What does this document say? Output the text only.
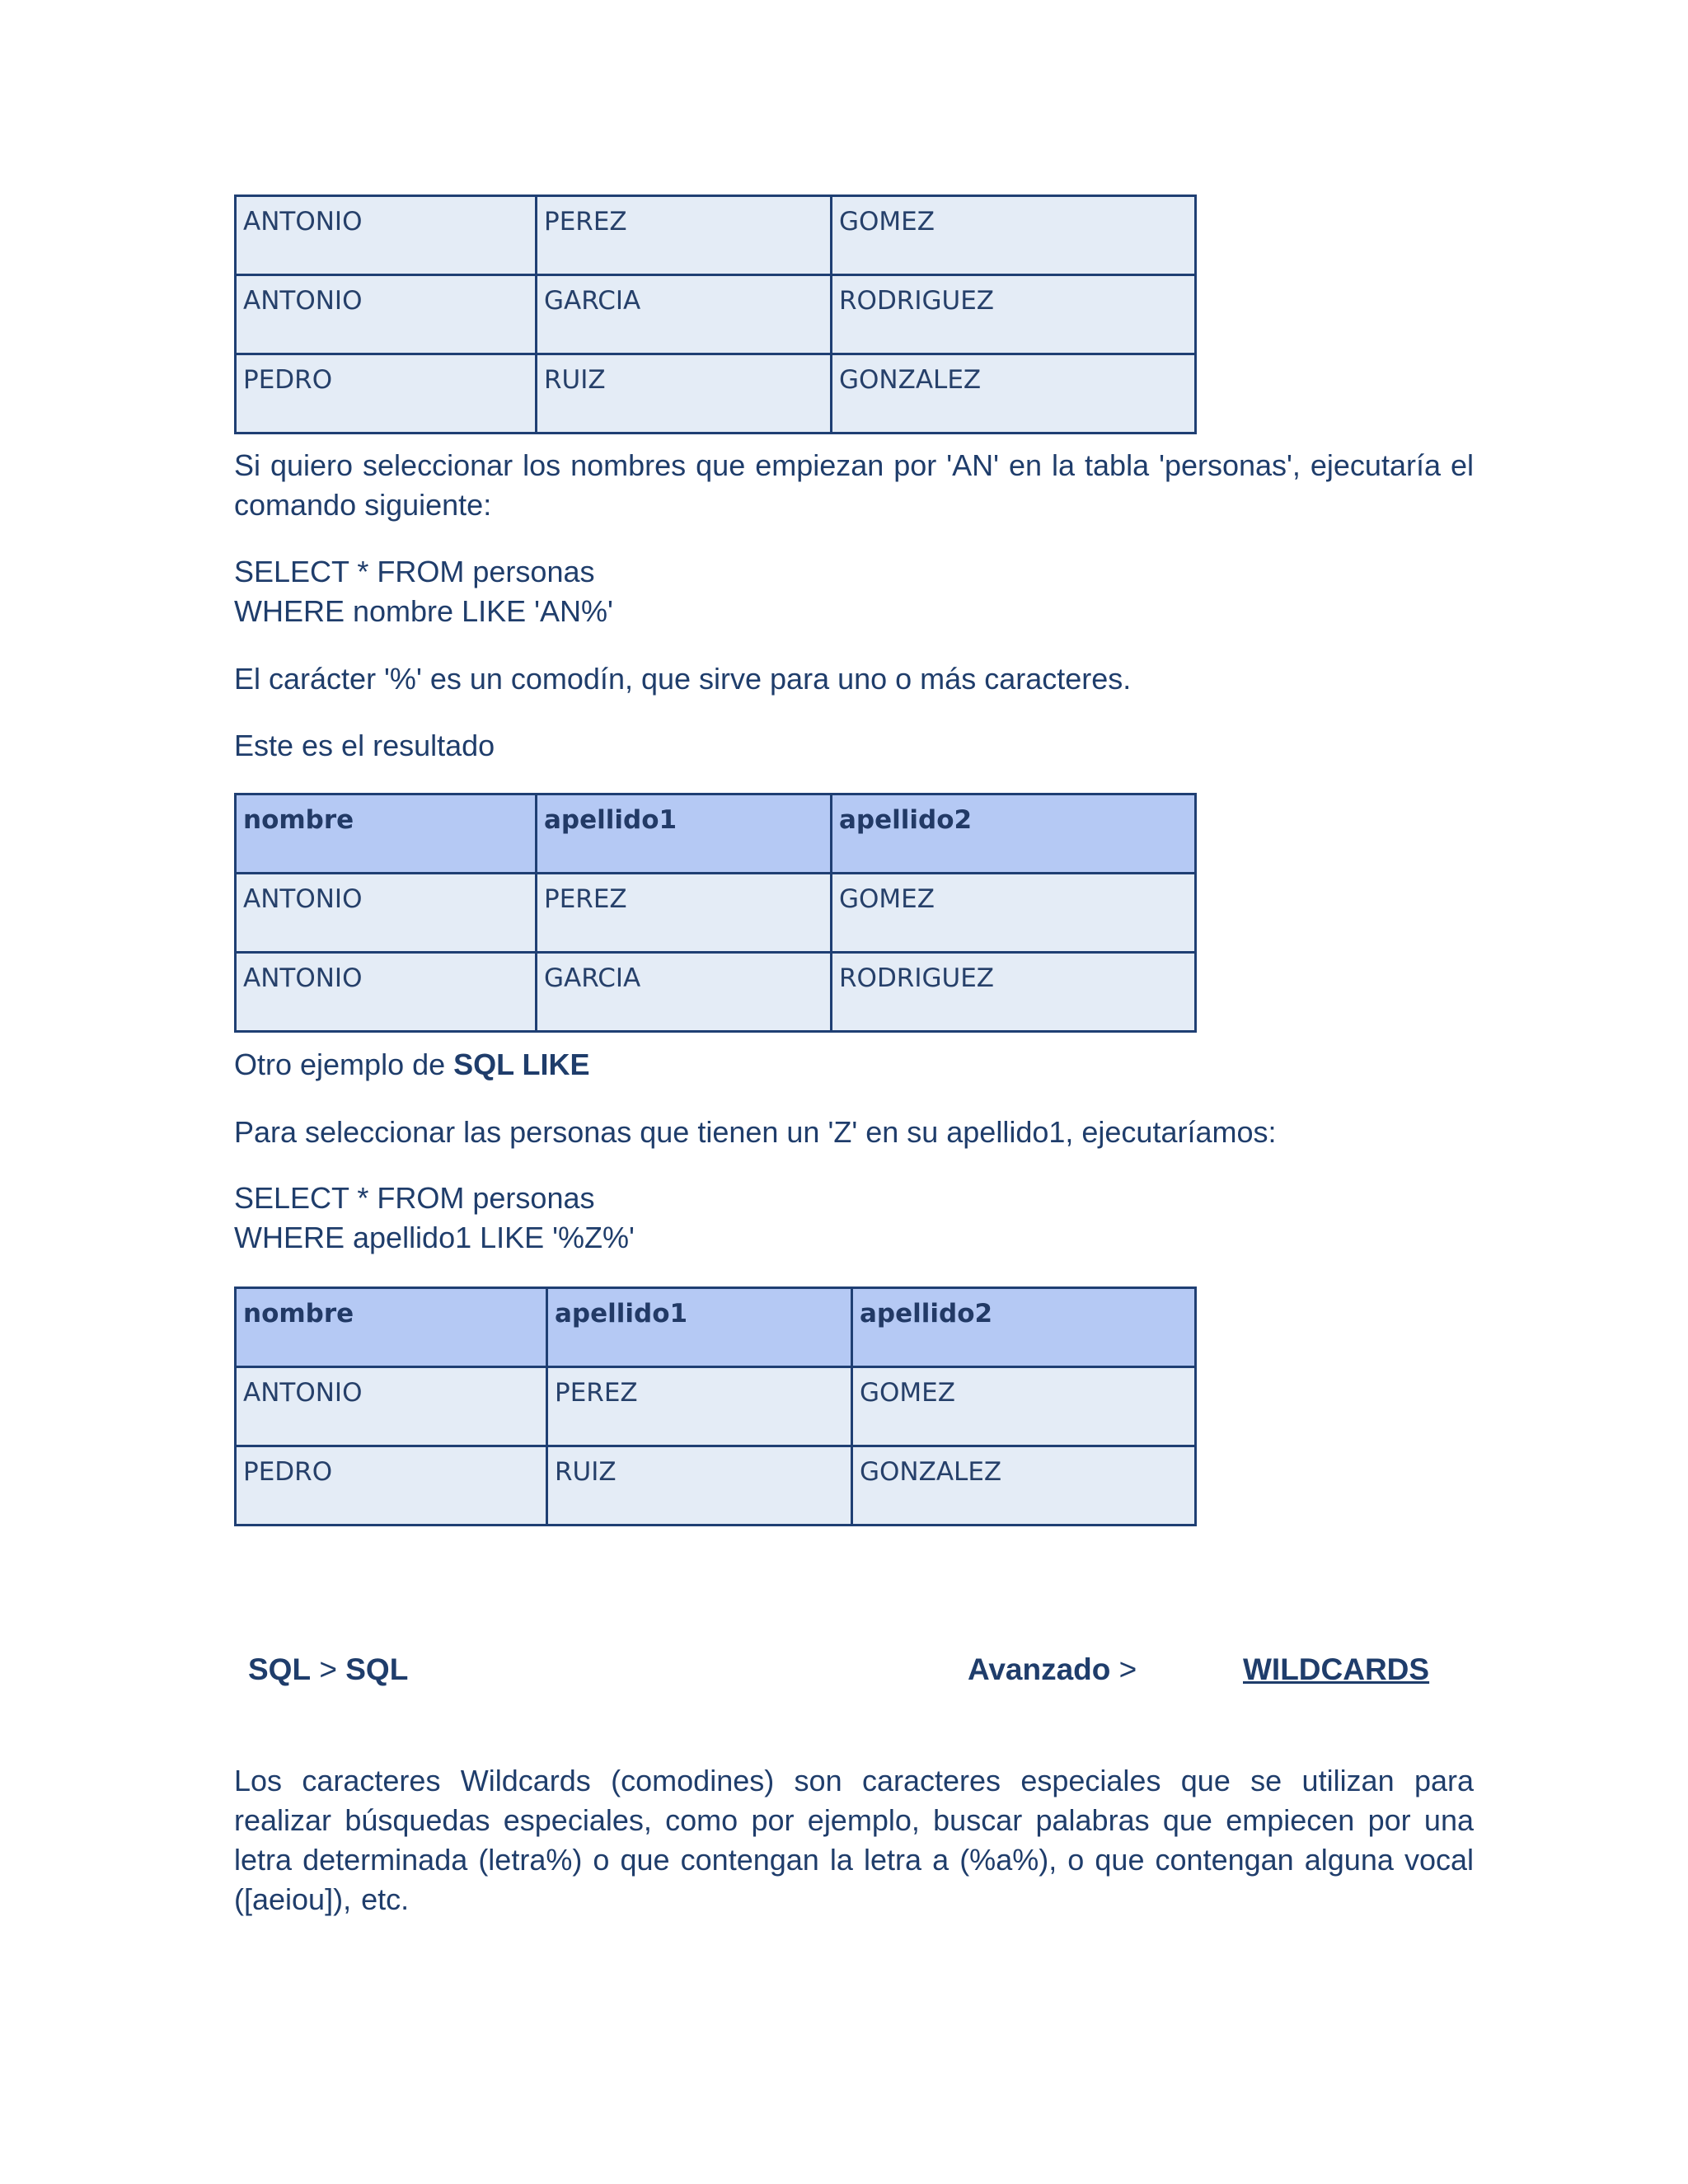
ANTONIO	PEREZ	GOMEZ
ANTONIO	GARCIA	RODRIGUEZ
PEDRO	RUIZ	GONZALEZ

Si quiero seleccionar los nombres que empiezan por 'AN' en la tabla 'personas', ejecutaría el comando siguiente:

SELECT * FROM personas
WHERE nombre LIKE 'AN%'

El carácter '%' es un comodín, que sirve para uno o más caracteres.

Este es el resultado

nombre	apellido1	apellido2
ANTONIO	PEREZ	GOMEZ
ANTONIO	GARCIA	RODRIGUEZ

Otro ejemplo de SQL LIKE

Para seleccionar las personas que tienen un 'Z' en su apellido1, ejecutaríamos:

SELECT * FROM personas
WHERE apellido1 LIKE '%Z%'

nombre	apellido1	apellido2
ANTONIO	PEREZ	GOMEZ
PEDRO	RUIZ	GONZALEZ
SQL > SQL	Avanzado >	WILDCARDS

Los caracteres Wildcards (comodines) son caracteres especiales que se utilizan para realizar búsquedas especiales, como por ejemplo, buscar palabras que empiecen por una letra determinada (letra%) o que contengan la letra a (%a%), o que contengan alguna vocal ([aeiou]), etc.
